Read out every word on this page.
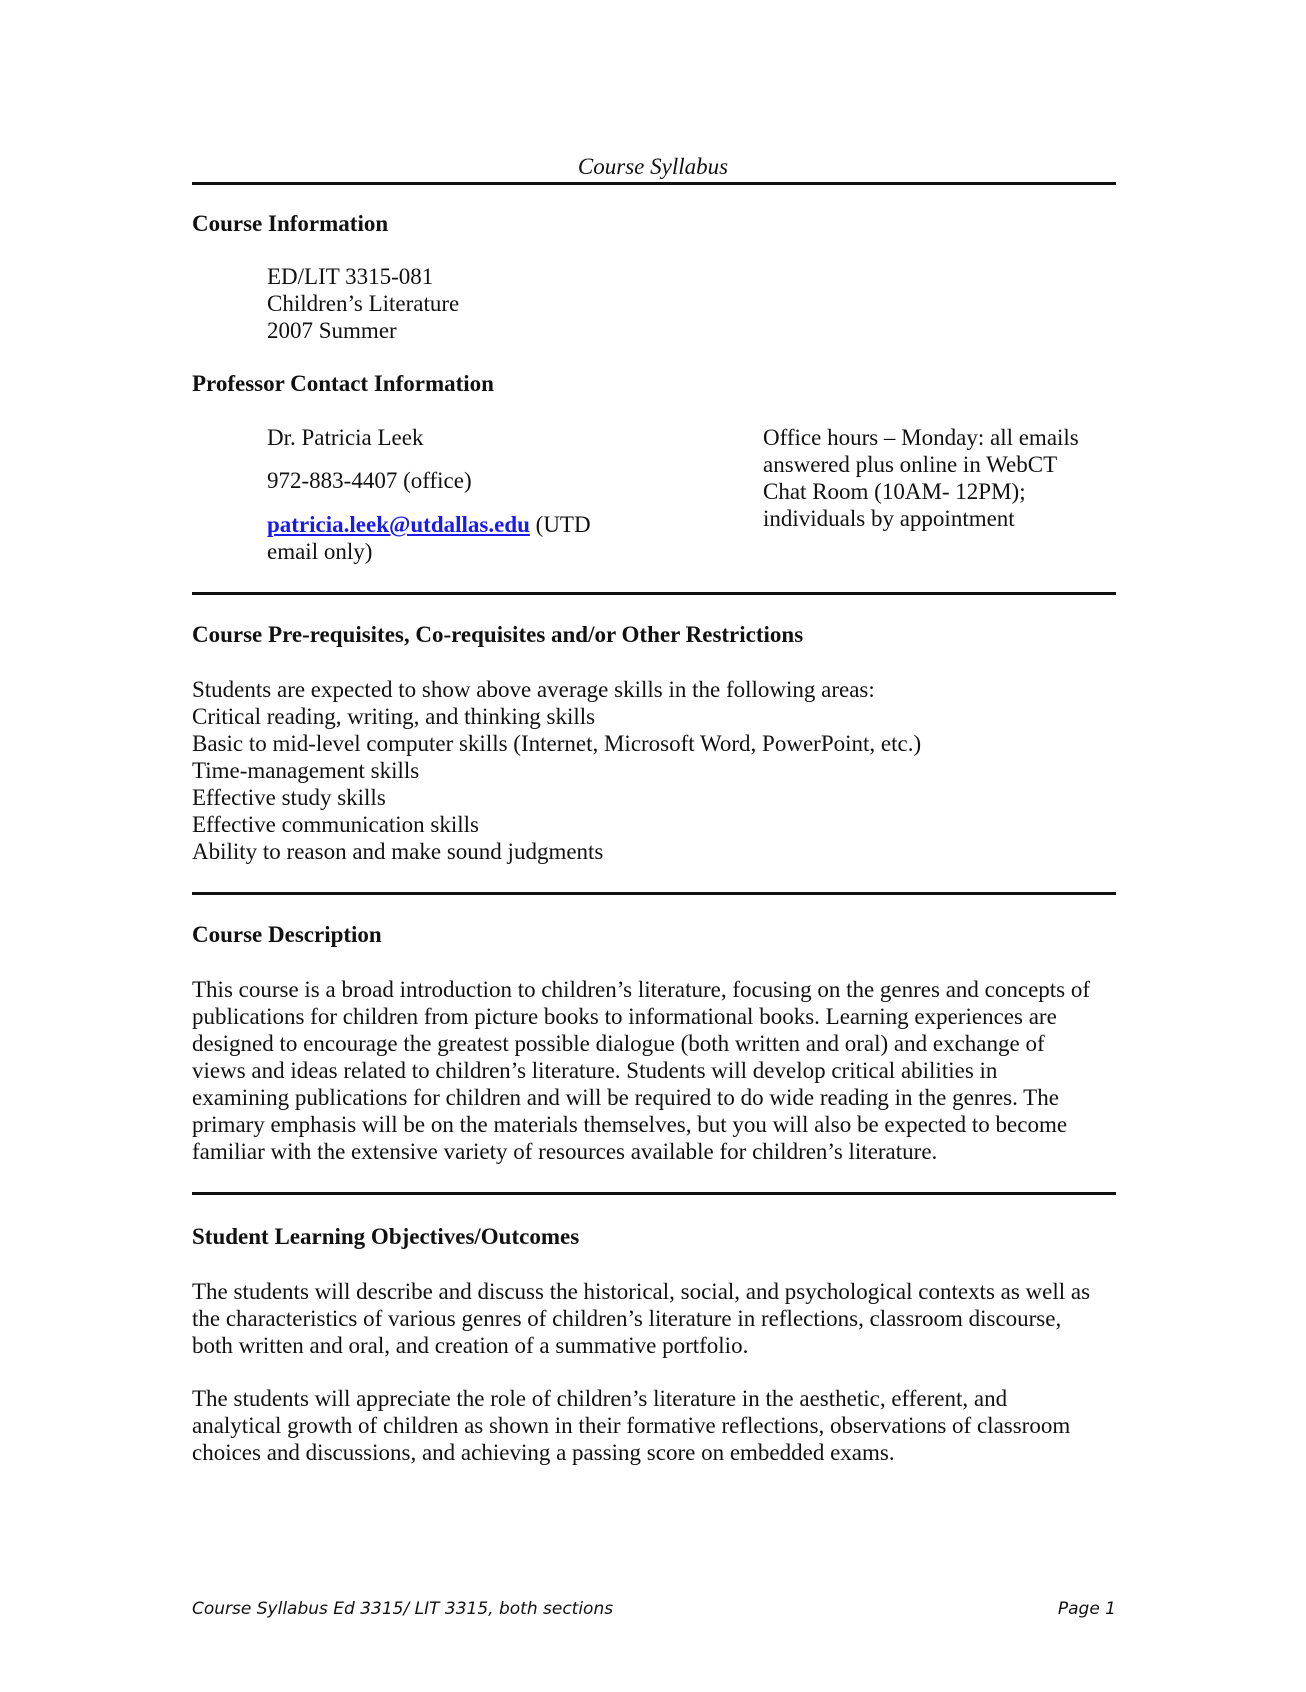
Course Syllabus
Course Information
ED/LIT 3315-081
Children’s Literature
2007 Summer
Professor Contact Information
Dr. Patricia Leek
972-883-4407 (office)
patricia.leek@utdallas.edu (UTD
email only)
Office hours – Monday: all emails
answered plus online in WebCT
Chat Room (10AM- 12PM);
individuals by appointment
Course Pre-requisites, Co-requisites and/or Other Restrictions
Students are expected to show above average skills in the following areas:
Critical reading, writing, and thinking skills
Basic to mid-level computer skills (Internet, Microsoft Word, PowerPoint, etc.)
Time-management skills
Effective study skills
Effective communication skills
Ability to reason and make sound judgments
Course Description
This course is a broad introduction to children’s literature, focusing on the genres and concepts of
publications for children from picture books to informational books. Learning experiences are
designed to encourage the greatest possible dialogue (both written and oral) and exchange of
views and ideas related to children’s literature. Students will develop critical abilities in
examining publications for children and will be required to do wide reading in the genres. The
primary emphasis will be on the materials themselves, but you will also be expected to become
familiar with the extensive variety of resources available for children’s literature.
Student Learning Objectives/Outcomes
The students will describe and discuss the historical, social, and psychological contexts as well as
the characteristics of various genres of children’s literature in reflections, classroom discourse,
both written and oral, and creation of a summative portfolio.
The students will appreciate the role of children’s literature in the aesthetic, efferent, and
analytical growth of children as shown in their formative reflections, observations of classroom
choices and discussions, and achieving a passing score on embedded exams.
Course Syllabus Ed 3315/ LIT 3315, both sections	Page 1
